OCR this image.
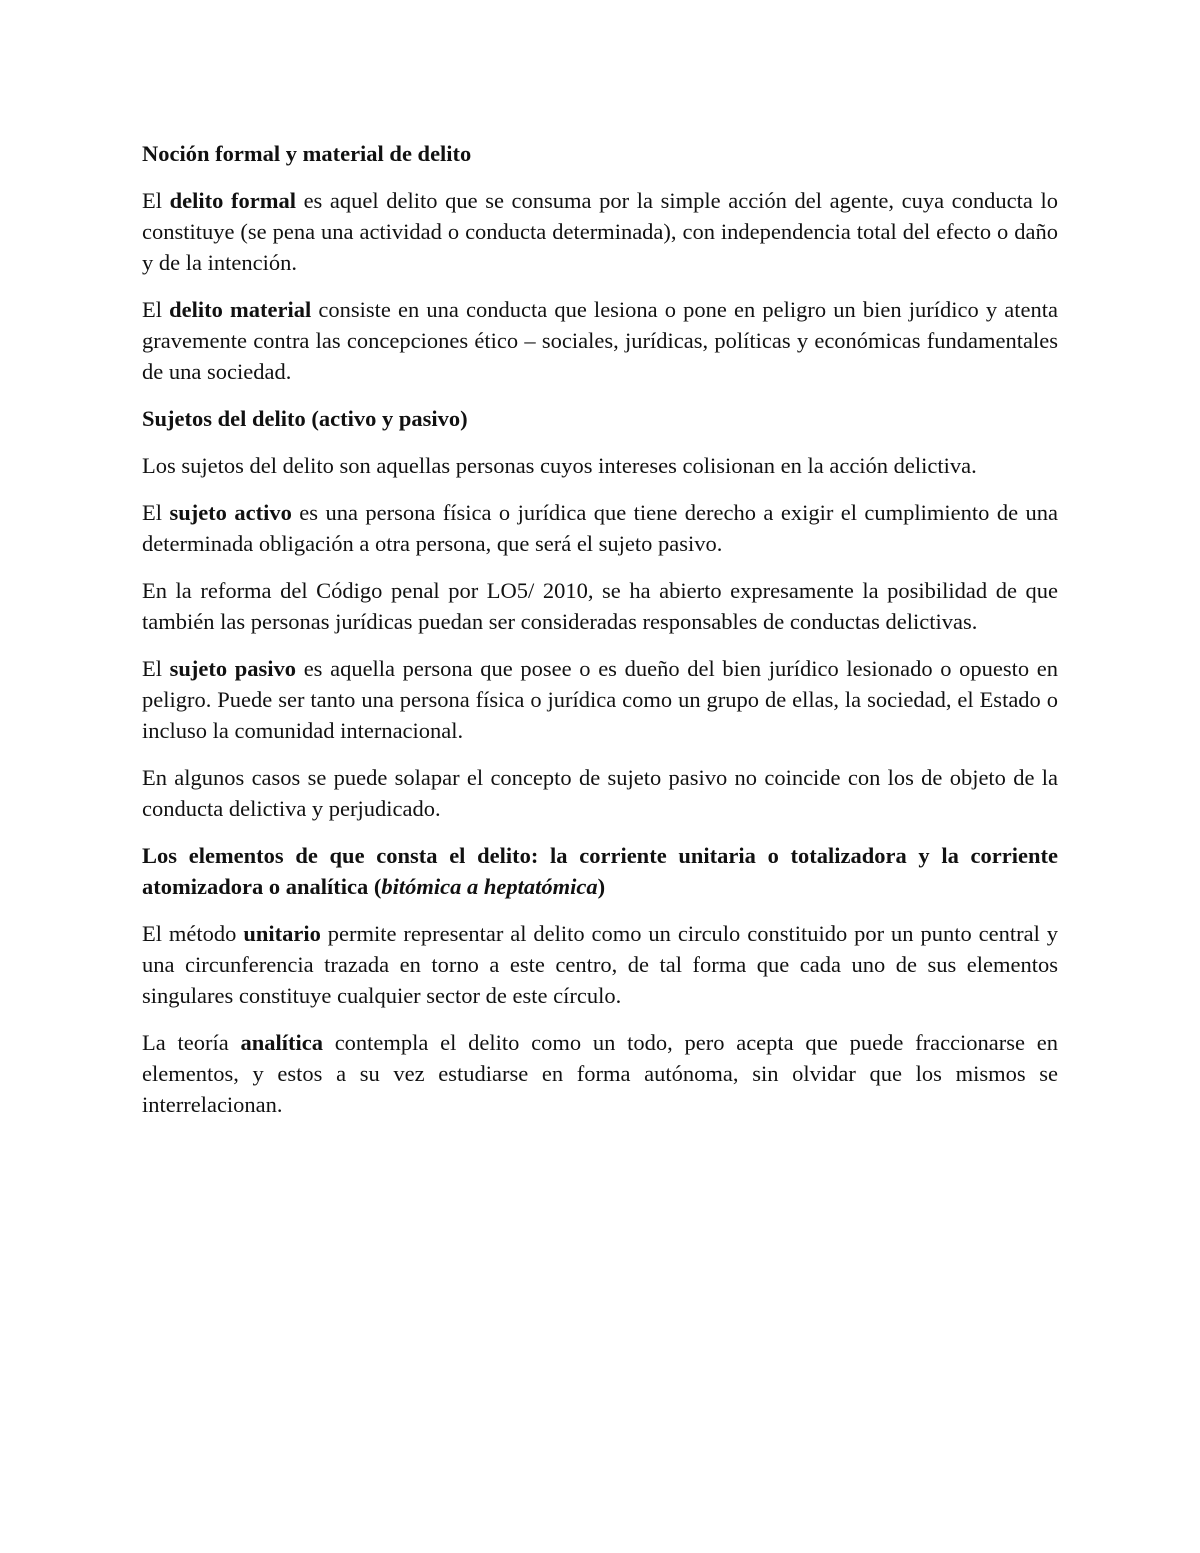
Noción formal y material de delito

El delito formal es aquel delito que se consuma por la simple acción del agente, cuya conducta lo constituye (se pena una actividad o conducta determinada), con independencia total del efecto o daño y de la intención.

El delito material consiste en una conducta que lesiona o pone en peligro un bien jurídico y atenta gravemente contra las concepciones ético – sociales, jurídicas, políticas y económicas fundamentales de una sociedad.

Sujetos del delito (activo y pasivo)

Los sujetos del delito son aquellas personas cuyos intereses colisionan en la acción delictiva.

El sujeto activo es una persona física o jurídica que tiene derecho a exigir el cumplimiento de una determinada obligación a otra persona, que será el sujeto pasivo.

En la reforma del Código penal por LO5/ 2010, se ha abierto expresamente la posibilidad de que también las personas jurídicas puedan ser consideradas responsables de conductas delictivas.

El sujeto pasivo es aquella persona que posee o es dueño del bien jurídico lesionado o opuesto en peligro. Puede ser tanto una persona física o jurídica como un grupo de ellas, la sociedad, el Estado o incluso la comunidad internacional.

En algunos casos se puede solapar el concepto de sujeto pasivo no coincide con los de objeto de la conducta delictiva y perjudicado.

Los elementos de que consta el delito: la corriente unitaria o totalizadora y la corriente atomizadora o analítica (bitómica a heptatómica)

El método unitario permite representar al delito como un circulo constituido por un punto central y una circunferencia trazada en torno a este centro, de tal forma que cada uno de sus elementos singulares constituye cualquier sector de este círculo.

La teoría analítica contempla el delito como un todo, pero acepta que puede fraccionarse en elementos, y estos a su vez estudiarse en forma autónoma, sin olvidar que los mismos se interrelacionan.
